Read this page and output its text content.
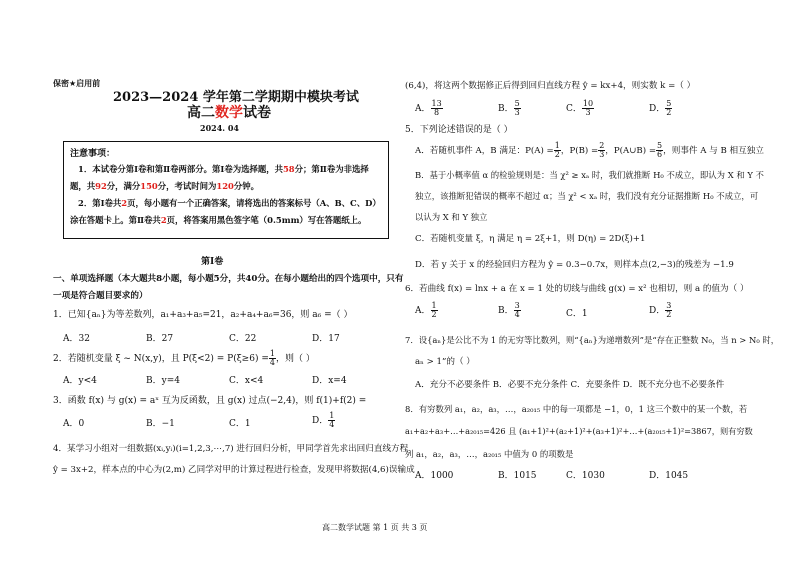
保密★启用前
2023—2024 学年第二学期期中模块考试
高二数学试卷
2024. 04
注意事项：
1．本试卷分第Ⅰ卷和第Ⅱ卷两部分。第Ⅰ卷为选择题，共58分；第Ⅱ卷为非选择
题，共92分，满分150分，考试时间为120分钟。
2．第Ⅰ卷共2页，每小题有一个正确答案，请将选出的答案标号（A、B、C、D）
涂在答题卡上。第Ⅱ卷共2页，将答案用黑色签字笔（0.5mm）写在答题纸上。
第Ⅰ卷
一、单项选择题（本大题共8小题，每小题5分，共40分。在每小题给出的四个选项中，只有
一项是符合题目要求的）
1．已知{aₙ}为等差数列，a₁+a₃+a₅=21，a₂+a₄+a₆=36，则 a₆ =（ ）
A．32	B．27	C．22	D．17
2．若随机变量 ξ ~ N(x,y)，且 $P(\xi<2) = P(\xi\ge 6) = \frac{1}{4}$ ，则（ ）
A．y<4	B．y=4	C．x<4	D．x=4
3．函数 f(x) 与 g(x) = aˣ 互为反函数，且 g(x) 过点(−2,4)，则 f(1)+f(2) =
A．0	B．−1	C．1	D． $\frac{1}{4}$
4．某学习小组对一组数据(xᵢ,yᵢ)(i=1,2,3,⋯,7) 进行回归分析，甲同学首先求出回归直线方程
ŷ = 3x+2，样本点的中心为(2,m) 乙同学对甲的计算过程进行检查，发现甲将数据(4,6)误输成
(6,4)，将这两个数据修正后得到回归直线方程 ŷ = kx+4，则实数 k =（ ）
A． $\frac{13}{8}$	B． $\frac{5}{3}$	C． $\frac{10}{3}$	D． $\frac{5}{2}$
5．下列论述错误的是（ ）
A．若随机事件 A，B 满足：$P(A) = \frac{1}{2}$ ，$P(B) = \frac{2}{3}$ ，P(A∪B) = $\frac{5}{6}$ ，则事件 A 与 B 相互独立
B．基于小概率值 α 的检验规则是：当 χ² ≥ xₐ 时，我们就推断 H₀ 不成立，即认为 X 和 Y 不
独立，该推断犯错误的概率不超过 α；当 χ² < xₐ 时，我们没有充分证据推断 H₀ 不成立，可
以认为 X 和 Y 独立
C．若随机变量 ξ，η 满足 η = 2ξ+1，则 D(η) = 2D(ξ)+1
D．若 y 关于 x 的经验回归方程为 ŷ = 0.3−0.7x，则样本点(2,−3)的残差为 −1.9
6．若曲线 f(x) = lnx + a 在 x = 1 处的切线与曲线 g(x) = x² 也相切，则 a 的值为（ ）
A． $\frac{1}{2}$	B． $\frac{3}{4}$	C．1	D． $\frac{3}{2}$
7．设{aₙ}是公比不为 1 的无穷等比数列，则“{aₙ}为递增数列”是“存在正整数 N₀，当 n > N₀ 时，
aₙ > 1”的（ ）
A．充分不必要条件 B．必要不充分条件 C．充要条件 D．既不充分也不必要条件
8．有穷数列 a₁，a₂，a₃，…，a₂₀₁₅ 中的每一项都是 −1，0，1 这三个数中的某一个数，若
a₁+a₂+a₃+…+a₂₀₁₅=426 且 (a₁+1)²+(a₂+1)²+(a₃+1)²+…+(a₂₀₁₅+1)²=3867，则有穷数
列 a₁，a₂，a₃，…，a₂₀₁₅ 中值为 0 的项数是
A．1000	B．1015	C．1030	D．1045
高二数学试题 第 1 页 共 3 页
